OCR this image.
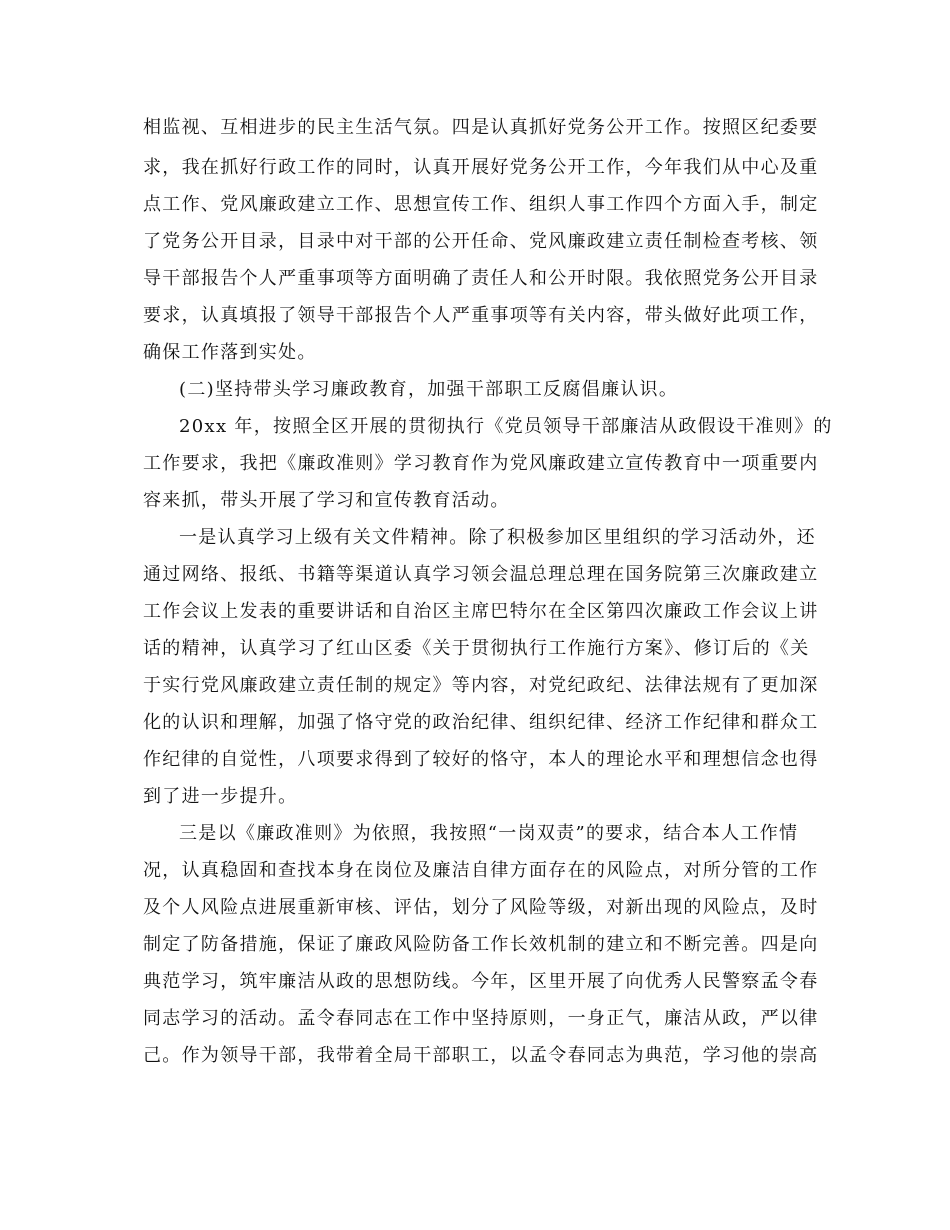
相监视、互相进步的民主生活气氛。四是认真抓好党务公开工作。按照区纪委要
求，我在抓好行政工作的同时，认真开展好党务公开工作，今年我们从中心及重
点工作、党风廉政建立工作、思想宣传工作、组织人事工作四个方面入手，制定
了党务公开目录，目录中对干部的公开任命、党风廉政建立责任制检查考核、领
导干部报告个人严重事项等方面明确了责任人和公开时限。我依照党务公开目录
要求，认真填报了领导干部报告个人严重事项等有关内容，带头做好此项工作，
确保工作落到实处。
(二)坚持带头学习廉政教育，加强干部职工反腐倡廉认识。
20xx 年，按照全区开展的贯彻执行《党员领导干部廉洁从政假设干准则》的
工作要求，我把《廉政准则》学习教育作为党风廉政建立宣传教育中一项重要内
容来抓，带头开展了学习和宣传教育活动。
一是认真学习上级有关文件精神。除了积极参加区里组织的学习活动外，还
通过网络、报纸、书籍等渠道认真学习领会温总理总理在国务院第三次廉政建立
工作会议上发表的重要讲话和自治区主席巴特尔在全区第四次廉政工作会议上讲
话的精神，认真学习了红山区委《关于贯彻执行工作施行方案》、修订后的《关
于实行党风廉政建立责任制的规定》等内容，对党纪政纪、法律法规有了更加深
化的认识和理解，加强了恪守党的政治纪律、组织纪律、经济工作纪律和群众工
作纪律的自觉性，八项要求得到了较好的恪守，本人的理论水平和理想信念也得
到了进一步提升。
三是以《廉政准则》为依照，我按照“一岗双责”的要求，结合本人工作情
况，认真稳固和查找本身在岗位及廉洁自律方面存在的风险点，对所分管的工作
及个人风险点进展重新审核、评估，划分了风险等级，对新出现的风险点，及时
制定了防备措施，保证了廉政风险防备工作长效机制的建立和不断完善。四是向
典范学习，筑牢廉洁从政的思想防线。今年，区里开展了向优秀人民警察孟令春
同志学习的活动。孟令春同志在工作中坚持原则，一身正气，廉洁从政，严以律
己。作为领导干部，我带着全局干部职工，以孟令春同志为典范，学习他的崇高
